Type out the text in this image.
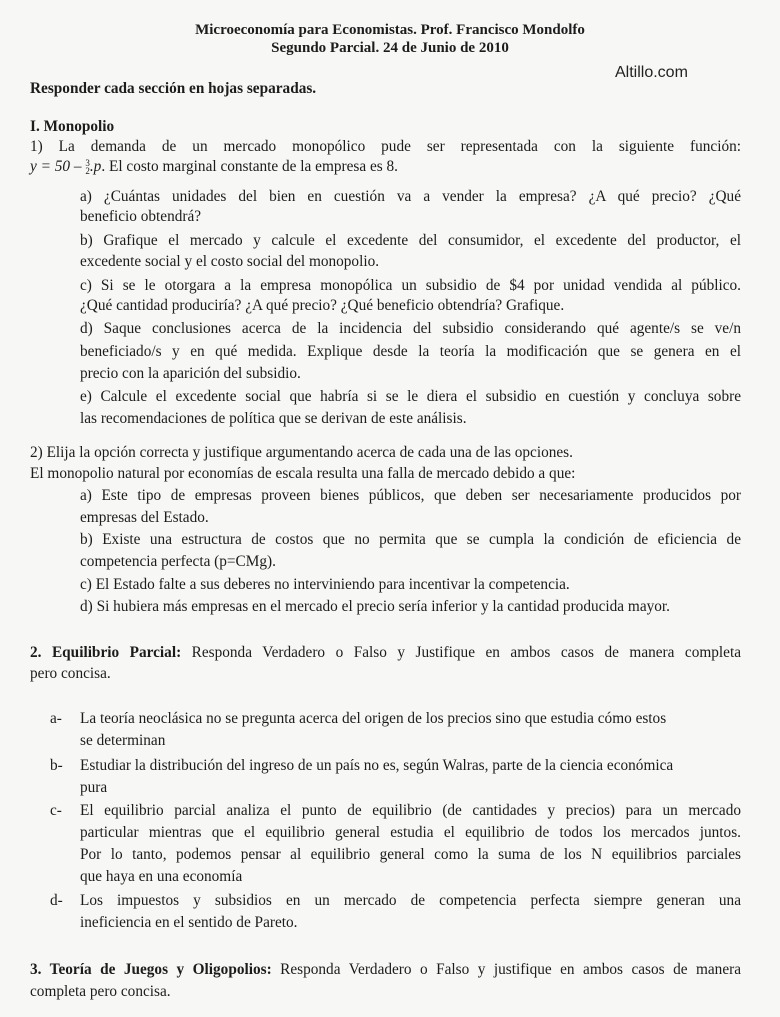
Microeconomía para Economistas. Prof. Francisco Mondolfo
Segundo Parcial. 24 de Junio de 2010
Altillo.com
Responder cada sección en hojas separadas.
I. Monopolio
1) La demanda de un mercado monopólico pude ser representada con la siguiente función:
y = 50 – 3
2 .p. El costo marginal constante de la empresa es 8.
a) ¿Cuántas unidades del bien en cuestión va a vender la empresa? ¿A qué precio? ¿Qué
beneficio obtendrá?
b) Grafique el mercado y calcule el excedente del consumidor, el excedente del productor, el
excedente social y el costo social del monopolio.
c) Si se le otorgara a la empresa monopólica un subsidio de $4 por unidad vendida al público.
¿Qué cantidad produciría? ¿A qué precio? ¿Qué beneficio obtendría? Grafique.
d) Saque conclusiones acerca de la incidencia del subsidio considerando qué agente/s se ve/n
beneficiado/s y en qué medida. Explique desde la teoría la modificación que se genera en el
precio con la aparición del subsidio.
e) Calcule el excedente social que habría si se le diera el subsidio en cuestión y concluya sobre
las recomendaciones de política que se derivan de este análisis.
2) Elija la opción correcta y justifique argumentando acerca de cada una de las opciones.
El monopolio natural por economías de escala resulta una falla de mercado debido a que:
a) Este tipo de empresas proveen bienes públicos, que deben ser necesariamente producidos por
empresas del Estado.
b) Existe una estructura de costos que no permita que se cumpla la condición de eficiencia de
competencia perfecta (p=CMg).
c) El Estado falte a sus deberes no interviniendo para incentivar la competencia.
d) Si hubiera más empresas en el mercado el precio sería inferior y la cantidad producida mayor.
2. Equilibrio Parcial: Responda Verdadero o Falso y Justifique en ambos casos de manera completa
pero concisa.
a- La teoría neoclásica no se pregunta acerca del origen de los precios sino que estudia cómo estos
se determinan
b- Estudiar la distribución del ingreso de un país no es, según Walras, parte de la ciencia económica
pura
c- El equilibrio parcial analiza el punto de equilibrio (de cantidades y precios) para un mercado
particular mientras que el equilibrio general estudia el equilibrio de todos los mercados juntos.
Por lo tanto, podemos pensar al equilibrio general como la suma de los N equilibrios parciales
que haya en una economía
d- Los impuestos y subsidios en un mercado de competencia perfecta siempre generan una
ineficiencia en el sentido de Pareto.
3. Teoría de Juegos y Oligopolios: Responda Verdadero o Falso y justifique en ambos casos de manera
completa pero concisa.
